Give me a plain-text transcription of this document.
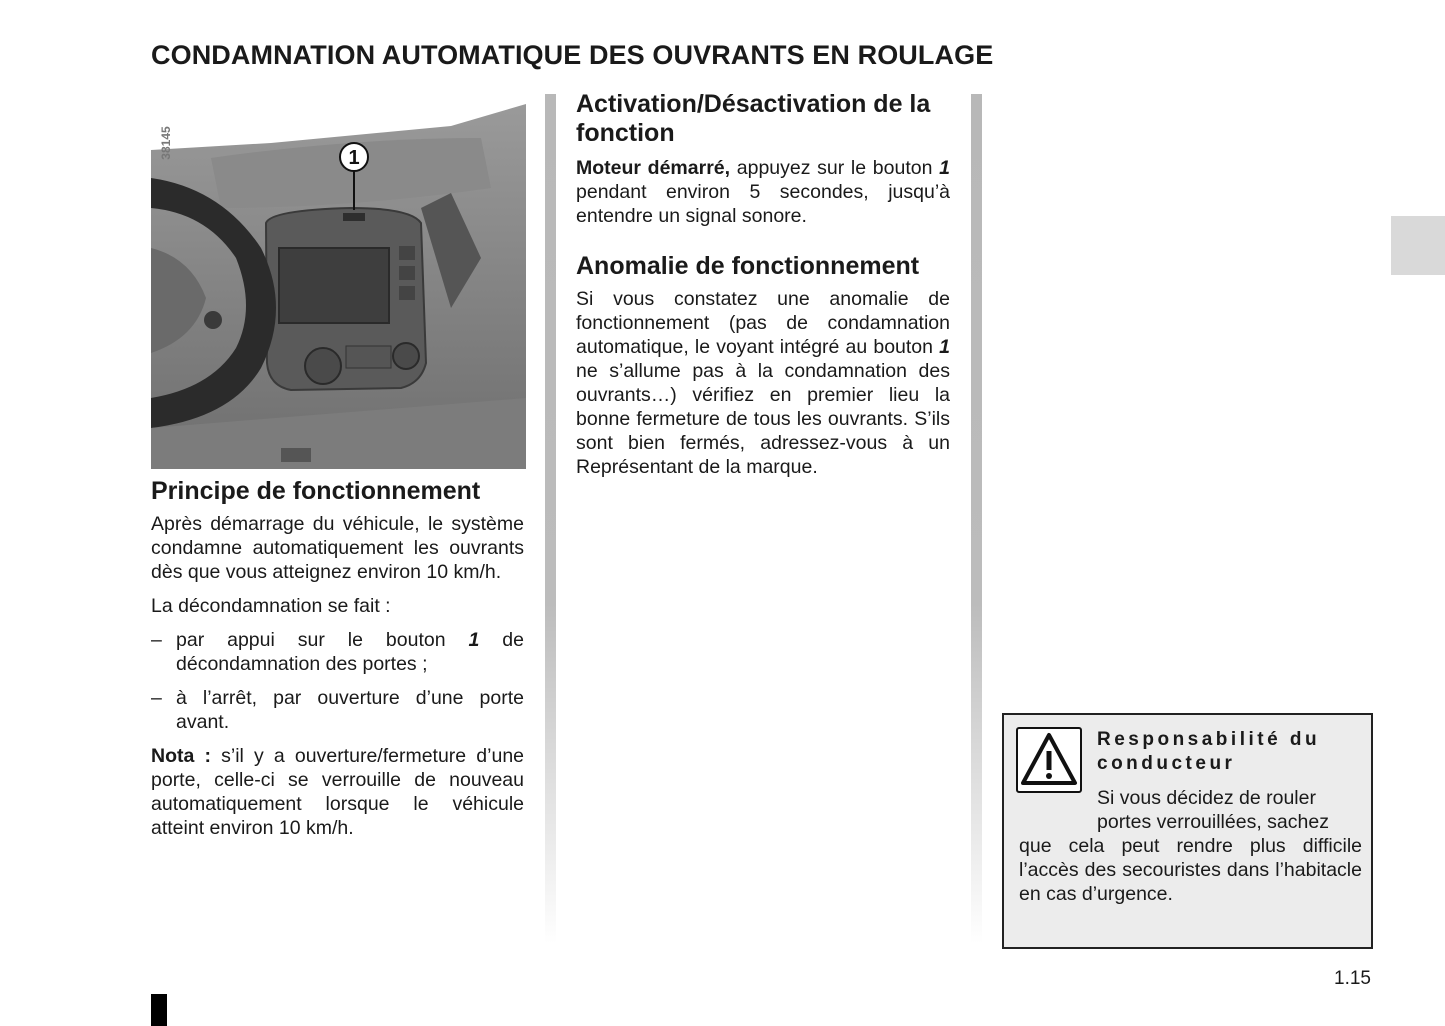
CONDAMNATION AUTOMATIQUE DES OUVRANTS EN ROULAGE
1
38145
Principe de fonctionnement

Après démarrage du véhicule, le système condamne automatiquement les ouvrants dès que vous atteignez environ 10 km/h.

La décondamnation se fait :

– par appui sur le bouton 1 de décondamnation des portes ;
– à l’arrêt, par ouverture d’une porte avant.

Nota : s’il y a ouverture/fermeture d’une porte, celle-ci se verrouille de nouveau automatiquement lorsque le véhicule atteint environ 10 km/h.

Activation/Désactivation de la fonction

Moteur démarré, appuyez sur le bouton 1 pendant environ 5 secondes, jusqu’à entendre un signal sonore.

Anomalie de fonctionnement

Si vous constatez une anomalie de fonctionnement (pas de condamnation automatique, le voyant intégré au bouton 1 ne s’allume pas à la condamnation des ouvrants…) vérifiez en premier lieu la bonne fermeture de tous les ouvrants. S’ils sont bien fermés, adressez-vous à un Représentant de la marque.

Responsabilité du conducteur
Si vous décidez de rouler
portes verrouillées, sachez
que cela peut rendre plus difficile l’accès des secouristes dans l’habitacle en cas d’urgence.
1.15
